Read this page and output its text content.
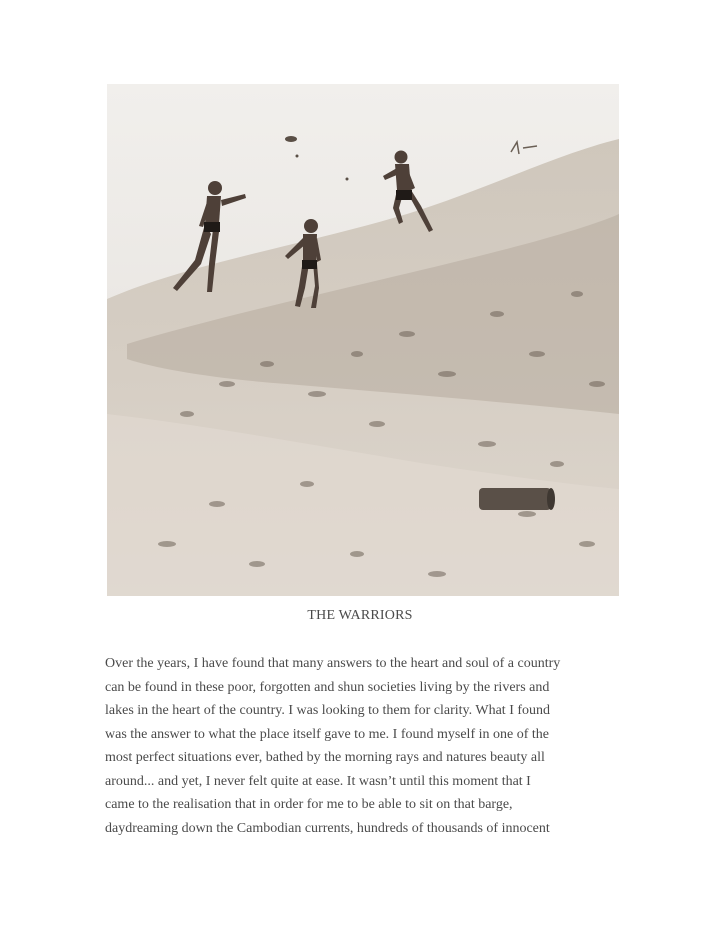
THE WARRIORS

Over the years, I have found that many answers to the heart and soul of a country
can be found in these poor, forgotten and shun societies living by the rivers and
lakes in the heart of the country. I was looking to them for clarity. What I found
was the answer to what the place itself gave to me. I found myself in one of the
most perfect situations ever, bathed by the morning rays and natures beauty all
around... and yet, I never felt quite at ease. It wasn’t until this moment that I
came to the realisation that in order for me to be able to sit on that barge,
daydreaming down the Cambodian currents, hundreds of thousands of innocent
